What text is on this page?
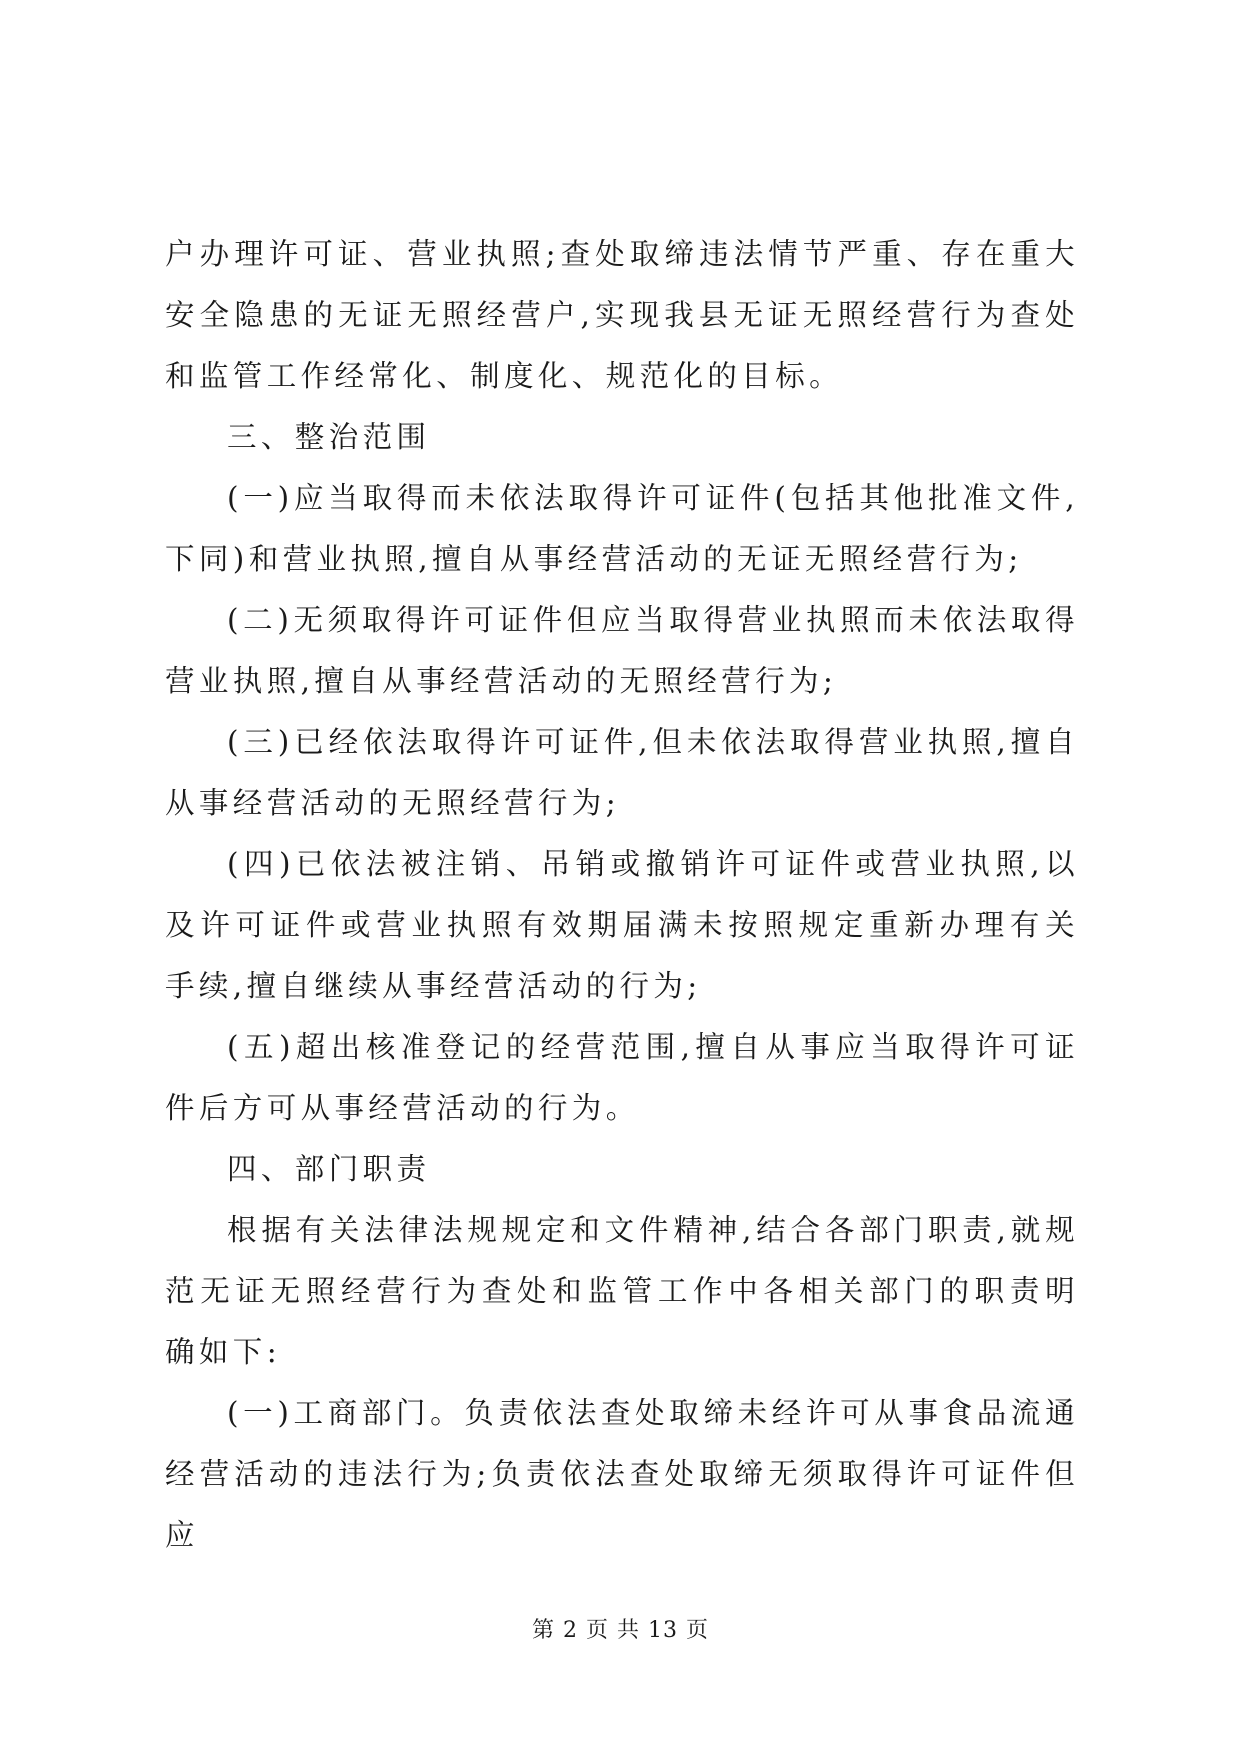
户办理许可证、营业执照;查处取缔违法情节严重、存在重大安全隐患的无证无照经营户,实现我县无证无照经营行为查处和监管工作经常化、制度化、规范化的目标。

三、整治范围

(一)应当取得而未依法取得许可证件(包括其他批准文件,下同)和营业执照,擅自从事经营活动的无证无照经营行为;

(二)无须取得许可证件但应当取得营业执照而未依法取得营业执照,擅自从事经营活动的无照经营行为;

(三)已经依法取得许可证件,但未依法取得营业执照,擅自从事经营活动的无照经营行为;

(四)已依法被注销、吊销或撤销许可证件或营业执照,以及许可证件或营业执照有效期届满未按照规定重新办理有关手续,擅自继续从事经营活动的行为;

(五)超出核准登记的经营范围,擅自从事应当取得许可证件后方可从事经营活动的行为。

四、部门职责

根据有关法律法规规定和文件精神,结合各部门职责,就规范无证无照经营行为查处和监管工作中各相关部门的职责明确如下:

(一)工商部门。负责依法查处取缔未经许可从事食品流通经营活动的违法行为;负责依法查处取缔无须取得许可证件但应

第 2 页 共 13 页
